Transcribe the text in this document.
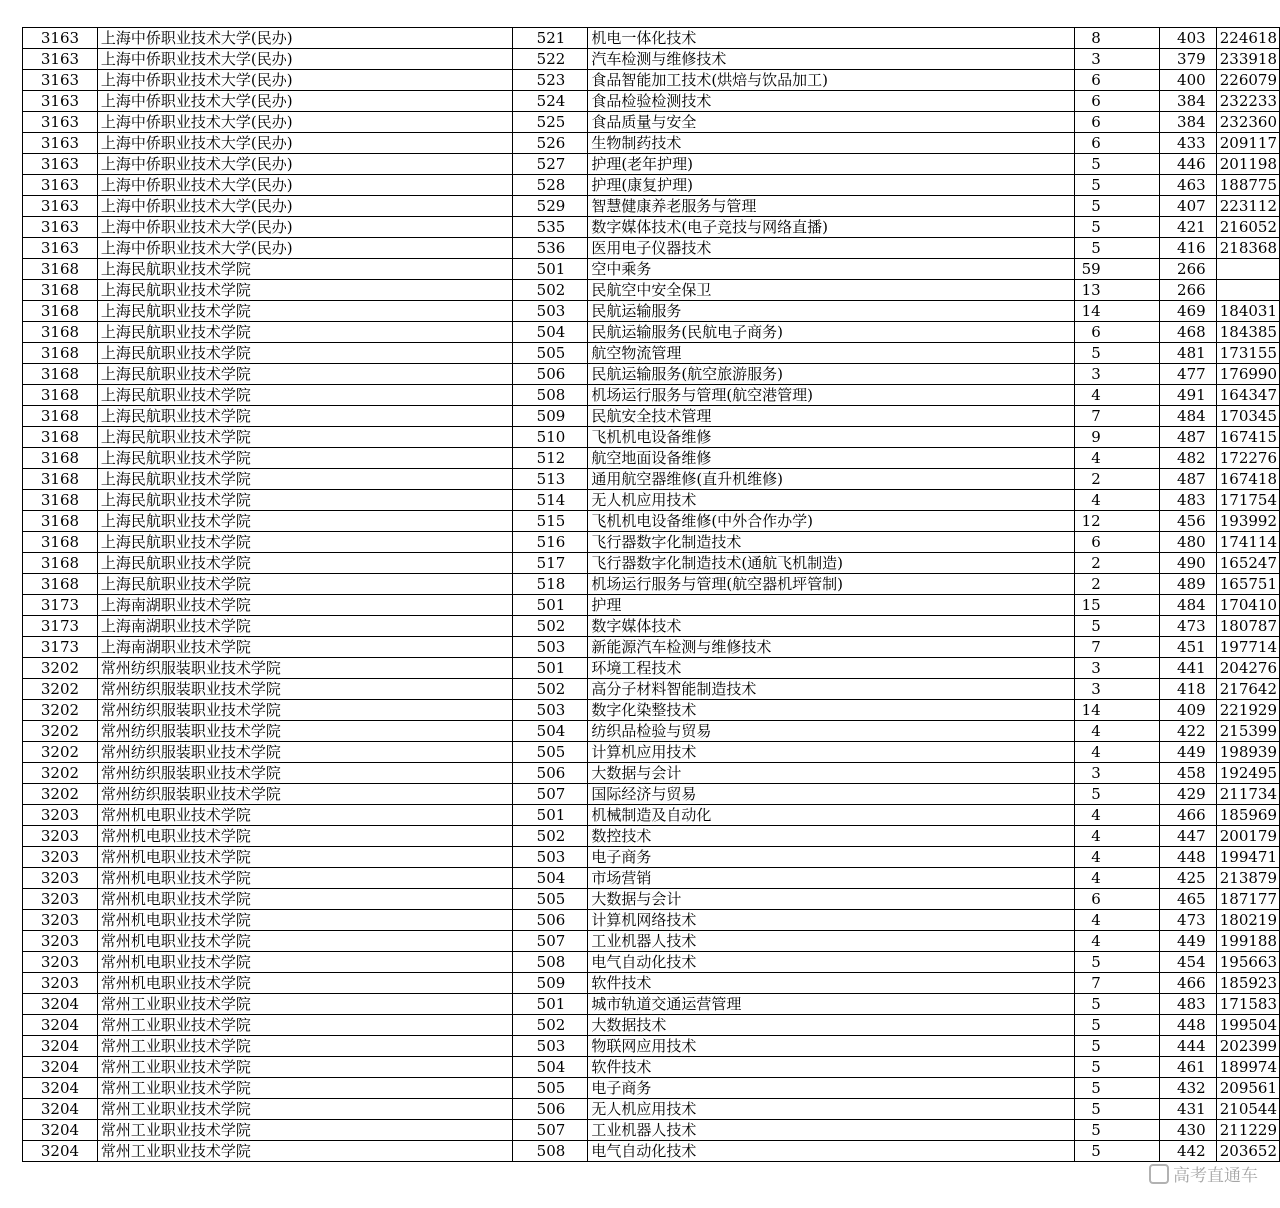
3163	上海中侨职业技术大学(民办)	521	机电一体化技术	8	403	224618
3163	上海中侨职业技术大学(民办)	522	汽车检测与维修技术	3	379	233918
3163	上海中侨职业技术大学(民办)	523	食品智能加工技术(烘焙与饮品加工)	6	400	226079
3163	上海中侨职业技术大学(民办)	524	食品检验检测技术	6	384	232233
3163	上海中侨职业技术大学(民办)	525	食品质量与安全	6	384	232360
3163	上海中侨职业技术大学(民办)	526	生物制药技术	6	433	209117
3163	上海中侨职业技术大学(民办)	527	护理(老年护理)	5	446	201198
3163	上海中侨职业技术大学(民办)	528	护理(康复护理)	5	463	188775
3163	上海中侨职业技术大学(民办)	529	智慧健康养老服务与管理	5	407	223112
3163	上海中侨职业技术大学(民办)	535	数字媒体技术(电子竞技与网络直播)	5	421	216052
3163	上海中侨职业技术大学(民办)	536	医用电子仪器技术	5	416	218368
3168	上海民航职业技术学院	501	空中乘务	59	266	
3168	上海民航职业技术学院	502	民航空中安全保卫	13	266	
3168	上海民航职业技术学院	503	民航运输服务	14	469	184031
3168	上海民航职业技术学院	504	民航运输服务(民航电子商务)	6	468	184385
3168	上海民航职业技术学院	505	航空物流管理	5	481	173155
3168	上海民航职业技术学院	506	民航运输服务(航空旅游服务)	3	477	176990
3168	上海民航职业技术学院	508	机场运行服务与管理(航空港管理)	4	491	164347
3168	上海民航职业技术学院	509	民航安全技术管理	7	484	170345
3168	上海民航职业技术学院	510	飞机机电设备维修	9	487	167415
3168	上海民航职业技术学院	512	航空地面设备维修	4	482	172276
3168	上海民航职业技术学院	513	通用航空器维修(直升机维修)	2	487	167418
3168	上海民航职业技术学院	514	无人机应用技术	4	483	171754
3168	上海民航职业技术学院	515	飞机机电设备维修(中外合作办学)	12	456	193992
3168	上海民航职业技术学院	516	飞行器数字化制造技术	6	480	174114
3168	上海民航职业技术学院	517	飞行器数字化制造技术(通航飞机制造)	2	490	165247
3168	上海民航职业技术学院	518	机场运行服务与管理(航空器机坪管制)	2	489	165751
3173	上海南湖职业技术学院	501	护理	15	484	170410
3173	上海南湖职业技术学院	502	数字媒体技术	5	473	180787
3173	上海南湖职业技术学院	503	新能源汽车检测与维修技术	7	451	197714
3202	常州纺织服装职业技术学院	501	环境工程技术	3	441	204276
3202	常州纺织服装职业技术学院	502	高分子材料智能制造技术	3	418	217642
3202	常州纺织服装职业技术学院	503	数字化染整技术	14	409	221929
3202	常州纺织服装职业技术学院	504	纺织品检验与贸易	4	422	215399
3202	常州纺织服装职业技术学院	505	计算机应用技术	4	449	198939
3202	常州纺织服装职业技术学院	506	大数据与会计	3	458	192495
3202	常州纺织服装职业技术学院	507	国际经济与贸易	5	429	211734
3203	常州机电职业技术学院	501	机械制造及自动化	4	466	185969
3203	常州机电职业技术学院	502	数控技术	4	447	200179
3203	常州机电职业技术学院	503	电子商务	4	448	199471
3203	常州机电职业技术学院	504	市场营销	4	425	213879
3203	常州机电职业技术学院	505	大数据与会计	6	465	187177
3203	常州机电职业技术学院	506	计算机网络技术	4	473	180219
3203	常州机电职业技术学院	507	工业机器人技术	4	449	199188
3203	常州机电职业技术学院	508	电气自动化技术	5	454	195663
3203	常州机电职业技术学院	509	软件技术	7	466	185923
3204	常州工业职业技术学院	501	城市轨道交通运营管理	5	483	171583
3204	常州工业职业技术学院	502	大数据技术	5	448	199504
3204	常州工业职业技术学院	503	物联网应用技术	5	444	202399
3204	常州工业职业技术学院	504	软件技术	5	461	189974
3204	常州工业职业技术学院	505	电子商务	5	432	209561
3204	常州工业职业技术学院	506	无人机应用技术	5	431	210544
3204	常州工业职业技术学院	507	工业机器人技术	5	430	211229
3204	常州工业职业技术学院	508	电气自动化技术	5	442	203652
高考直通车
